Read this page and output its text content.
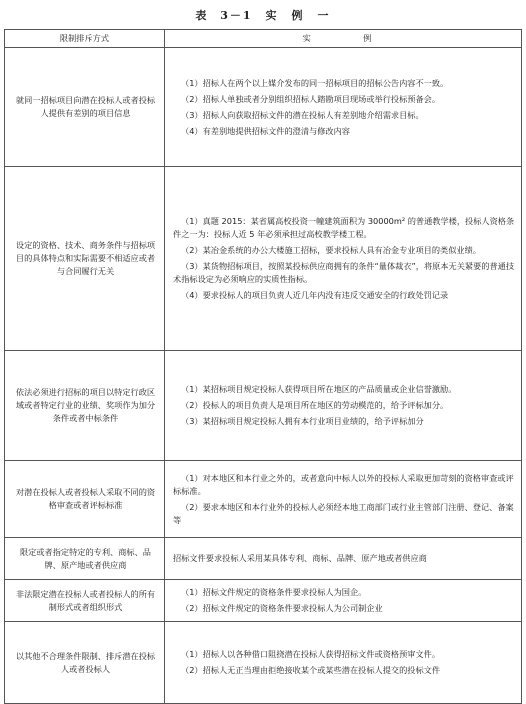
表 3－1　实　例　一
限制排斥方式	实　　例
就同一招标项目向潜在投标人或者投标人提供有差别的项目信息	（1）招标人在两个以上媒介发布的同一招标项目的招标公告内容不一致。
（2）招标人单独或者分别组织招标人踏勘项目现场或举行投标预备会。
（3）招标人向获取招标文件的潜在投标人有差别地介绍需求目标。
（4）有差别地提供招标文件的澄清与修改内容

设定的资格、技术、商务条件与招标项目的具体特点和实际需要不相适应或者与合同履行无关	（1）真题 2015：某省属高校投资一幢建筑面积为 30000m² 的普通教学楼，投标人资格条件之一为：投标人近 5 年必须承担过高校教学楼工程。
（2）某冶金系统的办公大楼施工招标，要求投标人具有冶金专业项目的类似业绩。
（3）某货物招标项目，按照某投标供应商拥有的条件“量体裁衣”，将原本无关紧要的普通技术指标设定为必须响应的实质性指标。
（4）要求投标人的项目负责人近几年内没有违反交通安全的行政处罚记录

依法必须进行招标的项目以特定行政区域或者特定行业的业绩、奖项作为加分条件或者中标条件	（1）某招标项目规定投标人获得项目所在地区的产品质量或企业信誉激励。
（2）投标人的项目负责人是项目所在地区的劳动模范的，给予评标加分。
（3）某招标项目规定投标人拥有本行业项目业绩的，给予评标加分

对潜在投标人或者投标人采取不同的资格审查或者评标标准	（1）对本地区和本行业之外的，或者意向中标人以外的投标人采取更加苛刻的资格审查或评标标准。
（2）要求本地区和本行业外的投标人必须经本地工商部门或行业主管部门注册、登记、备案等

限定或者指定特定的专利、商标、品牌、原产地或者供应商	招标文件要求投标人采用某具体专利、商标、品牌、原产地或者供应商

非法限定潜在投标人或者投标人的所有制形式或者组织形式	（1）招标文件规定的资格条件要求投标人为国企。
（2）招标文件规定的资格条件要求投标人为公司制企业

以其他不合理条件限制、排斥潜在投标人或者投标人	（1）招标人以各种借口阻挠潜在投标人获得招标文件或资格预审文件。
（2）招标人无正当理由拒绝接收某个或某些潜在投标人提交的投标文件
